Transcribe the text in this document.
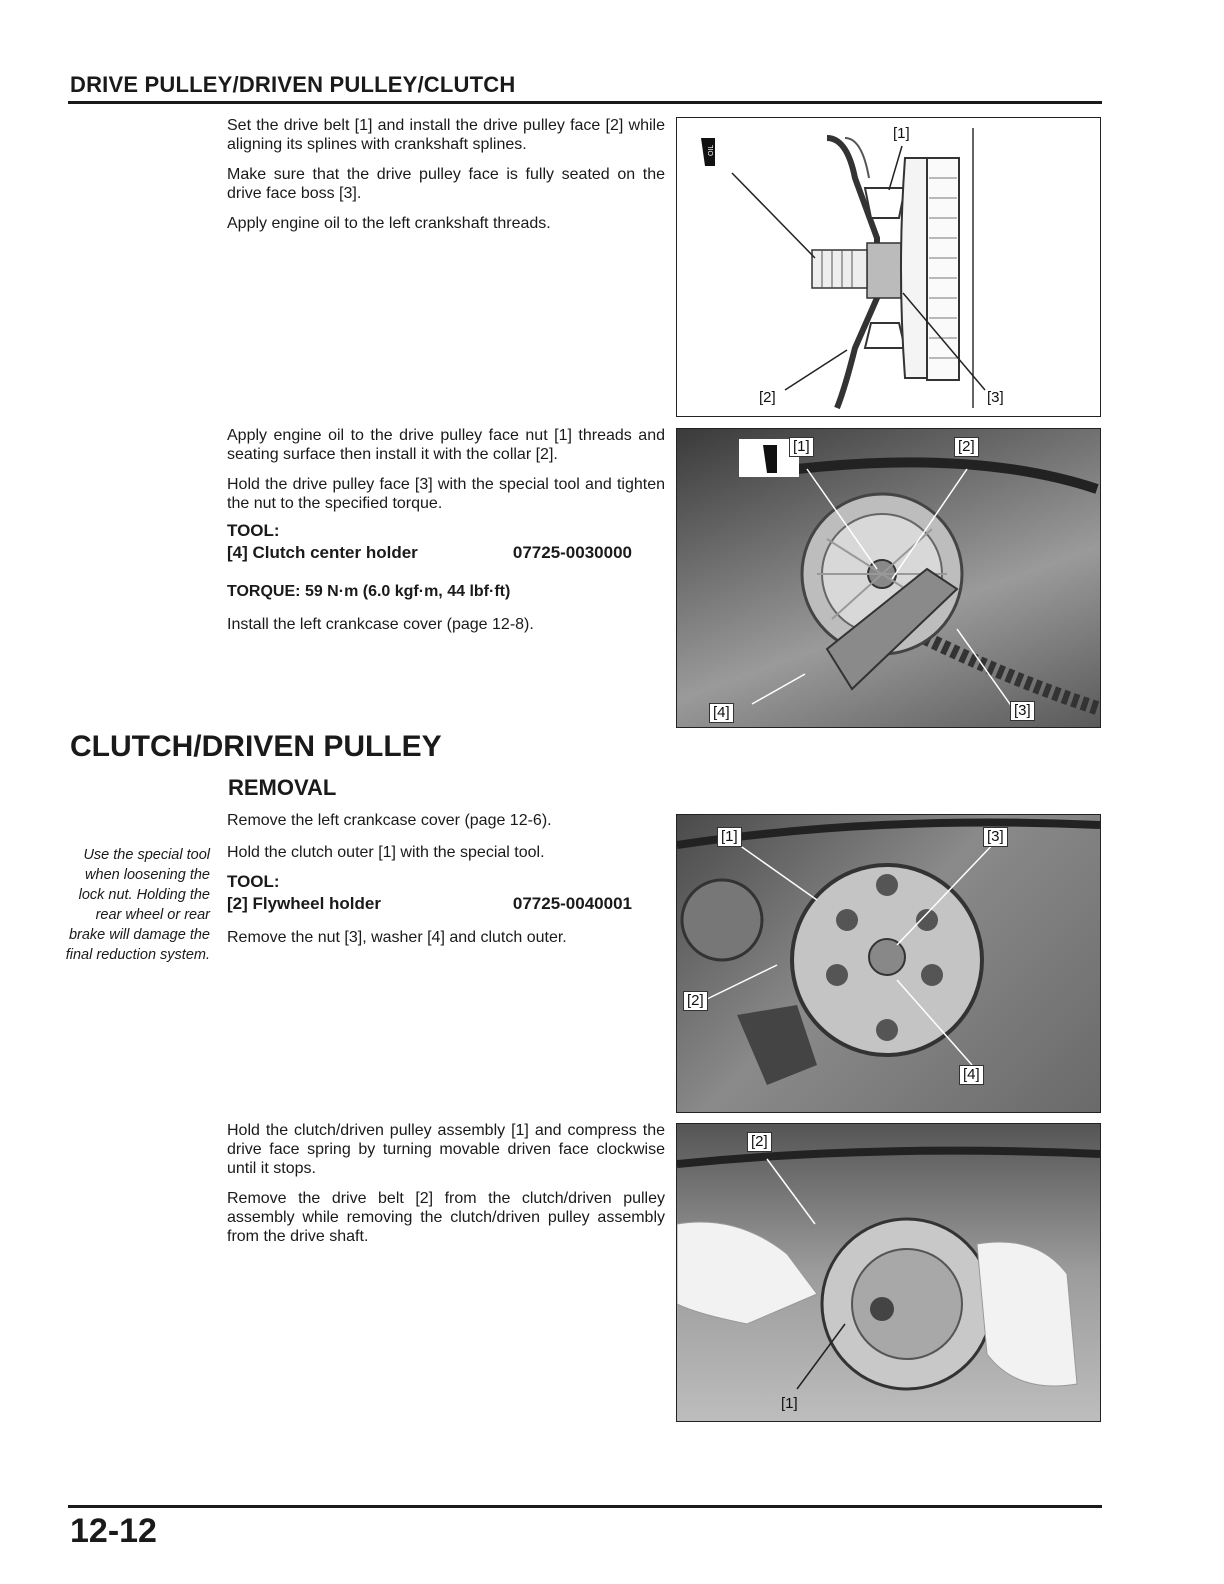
DRIVE PULLEY/DRIVEN PULLEY/CLUTCH

Set the drive belt [1] and install the drive pulley face [2] while aligning its splines with crankshaft splines.

Make sure that the drive pulley face is fully seated on the drive face boss [3].

Apply engine oil to the left crankshaft threads.

OIL
[1]
[2]	[3]

Apply engine oil to the drive pulley face nut [1] threads and seating surface then install it with the collar [2].

Hold the drive pulley face [3] with the special tool and tighten the nut to the specified torque.

TOOL:
[4] Clutch center holder	07725-0030000
TORQUE: 59 N·m (6.0 kgf·m, 44 lbf·ft)

Install the left crankcase cover (page 12-8).

[1]	[2]
[3]
[4]
CLUTCH/DRIVEN PULLEY
REMOVAL

Remove the left crankcase cover (page 12-6).

Hold the clutch outer [1] with the special tool.

TOOL:
[2] Flywheel holder	07725-0040001

Remove the nut [3], washer [4] and clutch outer.

Use the special tool when loosening the lock nut. Holding the rear wheel or rear brake will damage the final reduction system.
[1]
[2]
[3]
[4]

Hold the clutch/driven pulley assembly [1] and compress the drive face spring by turning movable driven face clockwise until it stops.

Remove the drive belt [2] from the clutch/driven pulley assembly while removing the clutch/driven pulley assembly from the drive shaft.

[2]
[1]
12-12
